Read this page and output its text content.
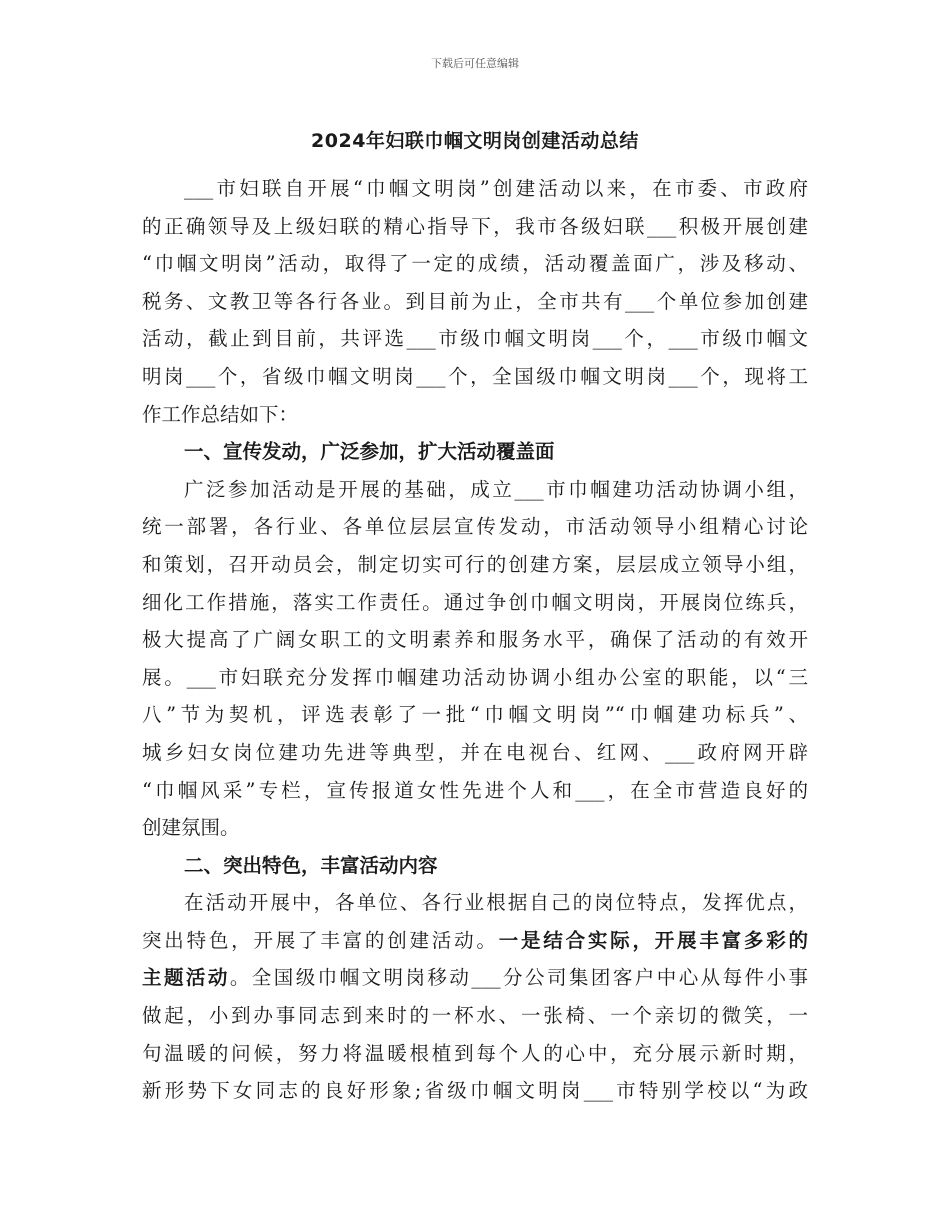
下载后可任意编辑
2024年妇联巾帼文明岗创建活动总结
___市妇联自开展“巾帼文明岗”创建活动以来，在市委、市政府
的正确领导及上级妇联的精心指导下，我市各级妇联___积极开展创建
“巾帼文明岗”活动，取得了一定的成绩，活动覆盖面广，涉及移动、
税务、文教卫等各行各业。到目前为止，全市共有___个单位参加创建
活动，截止到目前，共评选___市级巾帼文明岗___个，___市级巾帼文
明岗___个，省级巾帼文明岗___个，全国级巾帼文明岗___个，现将工
作工作总结如下：
一、宣传发动，广泛参加，扩大活动覆盖面
广泛参加活动是开展的基础，成立___市巾帼建功活动协调小组，
统一部署，各行业、各单位层层宣传发动，市活动领导小组精心讨论
和策划，召开动员会，制定切实可行的创建方案，层层成立领导小组，
细化工作措施，落实工作责任。通过争创巾帼文明岗，开展岗位练兵，
极大提高了广阔女职工的文明素养和服务水平，确保了活动的有效开
展。___市妇联充分发挥巾帼建功活动协调小组办公室的职能，以“三
八”节为契机，评选表彰了一批“巾帼文明岗”“巾帼建功标兵”、
城乡妇女岗位建功先进等典型，并在电视台、红网、___政府网开辟
“巾帼风采”专栏，宣传报道女性先进个人和___，在全市营造良好的
创建氛围。
二、突出特色，丰富活动内容
在活动开展中，各单位、各行业根据自己的岗位特点，发挥优点，
突出特色，开展了丰富的创建活动。一是结合实际，开展丰富多彩的
主题活动。全国级巾帼文明岗移动___分公司集团客户中心从每件小事
做起，小到办事同志到来时的一杯水、一张椅、一个亲切的微笑，一
句温暖的问候，努力将温暖根植到每个人的心中，充分展示新时期，
新形势下女同志的良好形象;省级巾帼文明岗___市特别学校以“为政
